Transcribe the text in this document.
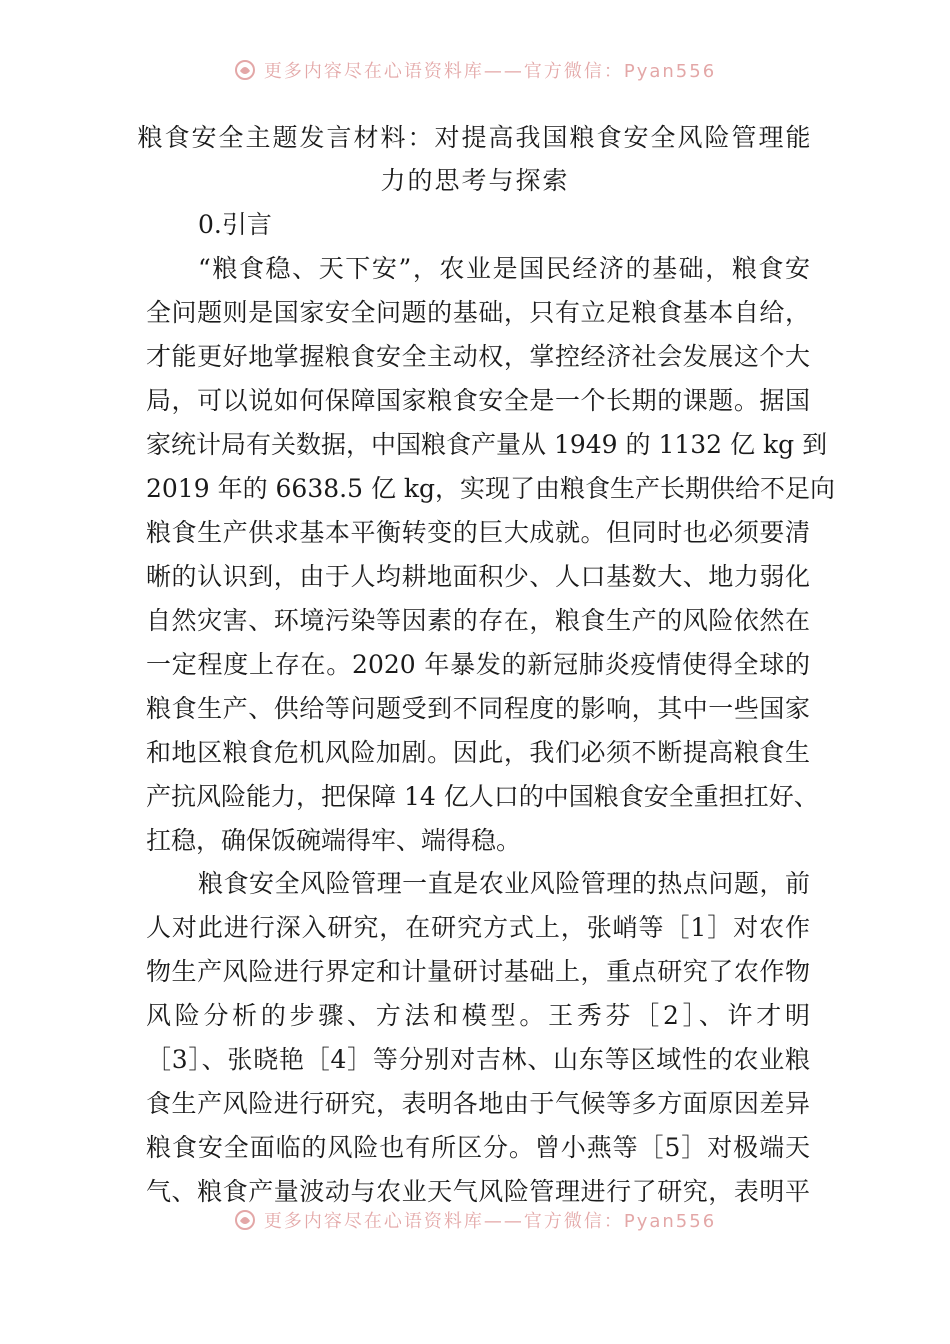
更多内容尽在心语资料库——官方微信：Pyan556
粮食安全主题发言材料：对提高我国粮食安全风险管理能
力的思考与探索
0.引言
“粮食稳、天下安”，农业是国民经济的基础，粮食安
全问题则是国家安全问题的基础，只有立足粮食基本自给，
才能更好地掌握粮食安全主动权，掌控经济社会发展这个大
局，可以说如何保障国家粮食安全是一个长期的课题。据国
家统计局有关数据，中国粮食产量从 1949 的 1132 亿 kg 到
2019 年的 6638.5 亿 kg，实现了由粮食生产长期供给不足向
粮食生产供求基本平衡转变的巨大成就。但同时也必须要清
晰的认识到，由于人均耕地面积少、人口基数大、地力弱化
自然灾害、环境污染等因素的存在，粮食生产的风险依然在
一定程度上存在。2020 年暴发的新冠肺炎疫情使得全球的
粮食生产、供给等问题受到不同程度的影响，其中一些国家
和地区粮食危机风险加剧。因此，我们必须不断提高粮食生
产抗风险能力，把保障 14 亿人口的中国粮食安全重担扛好、
扛稳，确保饭碗端得牢、端得稳。
粮食安全风险管理一直是农业风险管理的热点问题，前
人对此进行深入研究，在研究方式上，张峭等［1］对农作
物生产风险进行界定和计量研讨基础上，重点研究了农作物
风险分析的步骤、方法和模型。王秀芬［2］、许才明
［3］、张晓艳［4］等分别对吉林、山东等区域性的农业粮
食生产风险进行研究，表明各地由于气候等多方面原因差异
粮食安全面临的风险也有所区分。曾小燕等［5］对极端天
气、粮食产量波动与农业天气风险管理进行了研究，表明平
更多内容尽在心语资料库——官方微信：Pyan556
